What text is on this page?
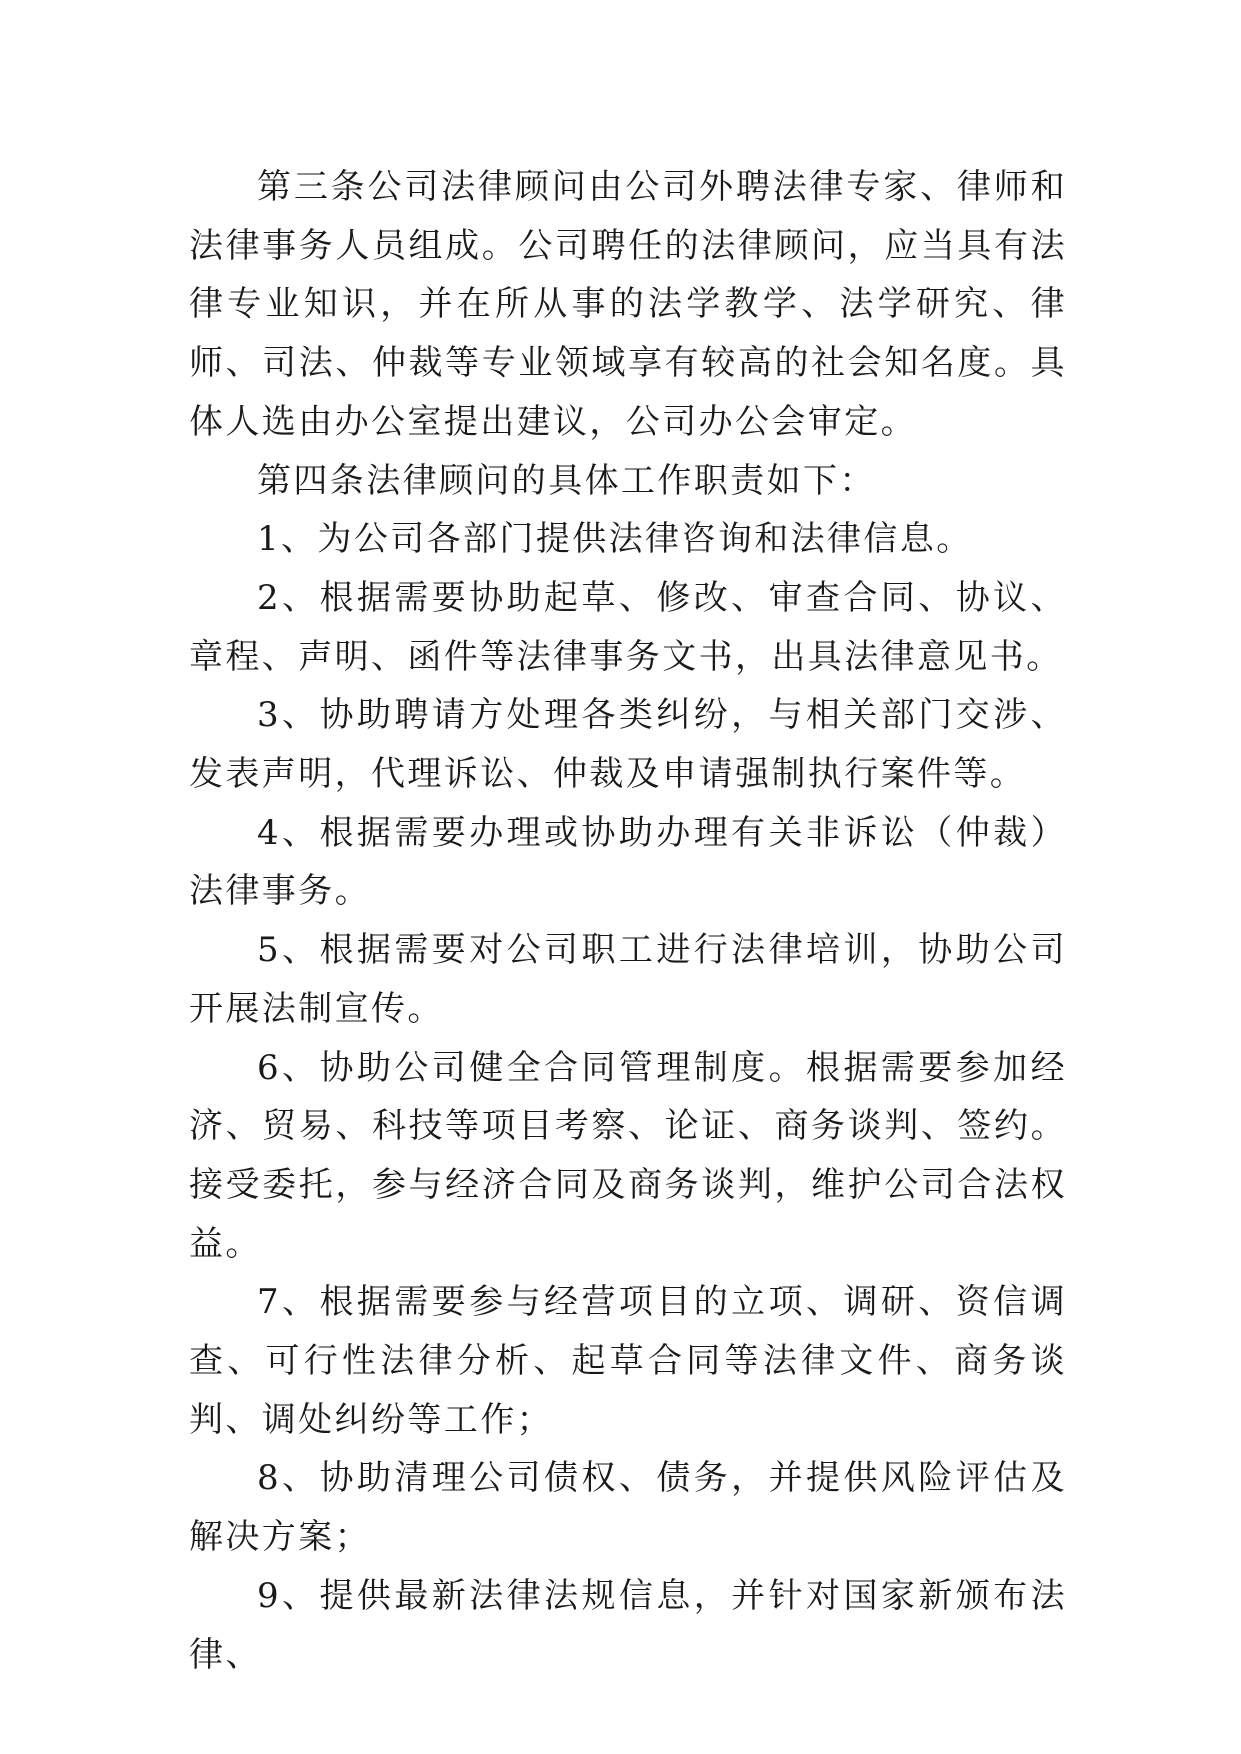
第三条公司法律顾问由公司外聘法律专家、律师和法律事务人员组成。公司聘任的法律顾问，应当具有法律专业知识，并在所从事的法学教学、法学研究、律师、司法、仲裁等专业领域享有较高的社会知名度。具体人选由办公室提出建议，公司办公会审定。

第四条法律顾问的具体工作职责如下：

1、为公司各部门提供法律咨询和法律信息。

2、根据需要协助起草、修改、审查合同、协议、章程、声明、函件等法律事务文书，出具法律意见书。

3、协助聘请方处理各类纠纷，与相关部门交涉、发表声明，代理诉讼、仲裁及申请强制执行案件等。

4、根据需要办理或协助办理有关非诉讼（仲裁）法律事务。

5、根据需要对公司职工进行法律培训，协助公司开展法制宣传。

6、协助公司健全合同管理制度。根据需要参加经济、贸易、科技等项目考察、论证、商务谈判、签约。接受委托，参与经济合同及商务谈判，维护公司合法权益。

7、根据需要参与经营项目的立项、调研、资信调查、可行性法律分析、起草合同等法律文件、商务谈判、调处纠纷等工作；

8、协助清理公司债权、债务，并提供风险评估及解决方案；

9、提供最新法律法规信息，并针对国家新颁布法律、
